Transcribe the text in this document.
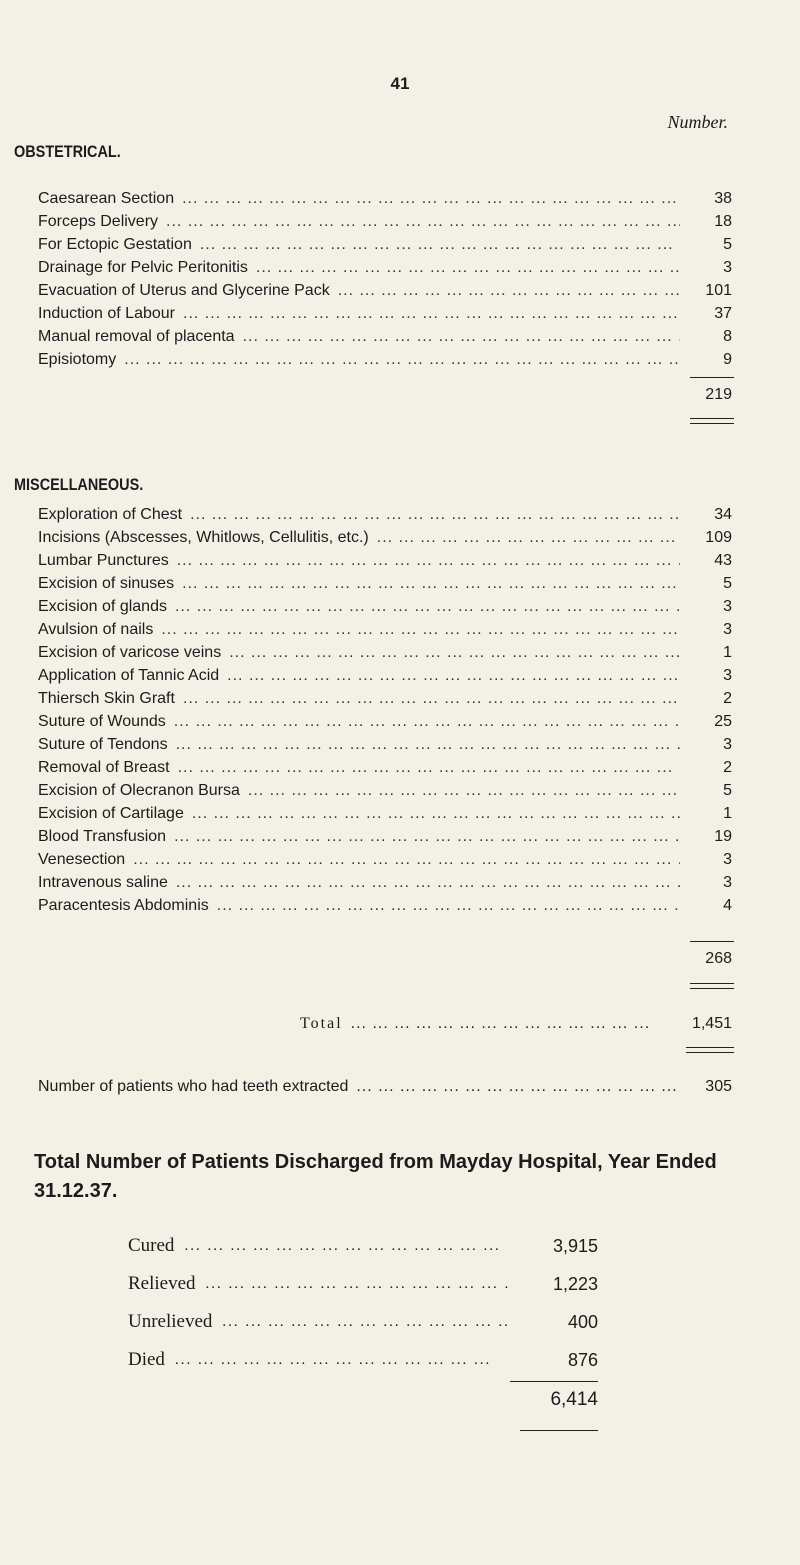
41
Number.
OBSTETRICAL.
Caesarean Section ... .	38
Forceps Delivery ... .	18
For Ectopic Gestation ... .	5
Drainage for Pelvic Peritonitis ... .	3
Evacuation of Uterus and Glycerine Pack ... .	101
Induction of Labour ... .	37
Manual removal of placenta ... .	8
Episiotomy ... .	9
219
MISCELLANEOUS.
Exploration of Chest ... .	34
Incisions (Abscesses, Whitlows, Cellulitis, etc.) ... .	109
Lumbar Punctures ... .	43
Excision of sinuses ... .	5
Excision of glands ... .	3
Avulsion of nails ... .	3
Excision of varicose veins ... .	1
Application of Tannic Acid ... .	3
Thiersch Skin Graft ... .	2
Suture of Wounds ... .	25
Suture of Tendons ... .	3
Removal of Breast ... .	2
Excision of Olecranon Bursa ... .	5
Excision of Cartilage ... .	1
Blood Transfusion ... .	19
Venesection ... .	3
Intravenous saline ... .	3
Paracentesis Abdominis ... .	4
268
Total ... .	1,451
Number of patients who had teeth extracted ... .	305
Total Number of Patients Discharged from Mayday Hospital, Year Ended 31.12.37.
Cured ... .	3,915
Relieved ... .	1,223
Unrelieved ... .	400
Died ... .	876
6,414
